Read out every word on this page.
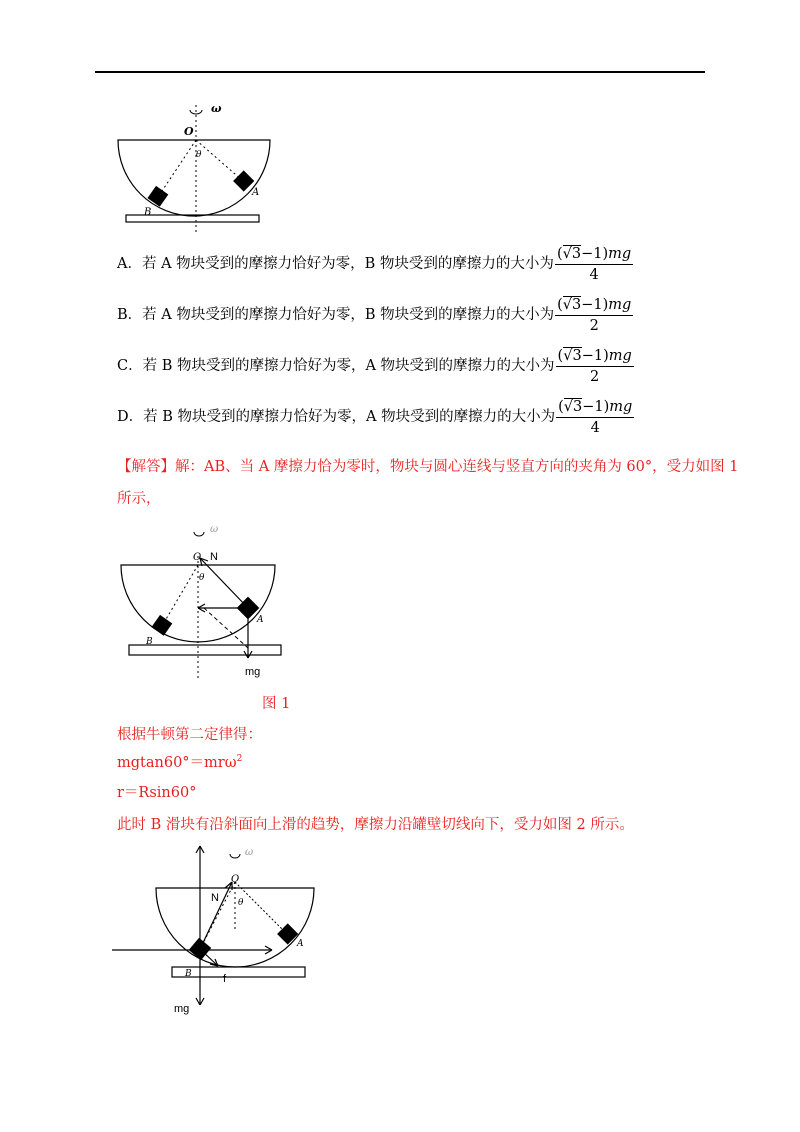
ω
O
θ
A
B
A．若 A 物块受到的摩擦力恰好为零，B 物块受到的摩擦力的大小为 $\frac{(√3-1)mg}{4}$
B．若 A 物块受到的摩擦力恰好为零，B 物块受到的摩擦力的大小为 $\frac{(√3-1)mg}{2}$
C．若 B 物块受到的摩擦力恰好为零，A 物块受到的摩擦力的大小为 $\frac{(√3-1)mg}{2}$
D．若 B 物块受到的摩擦力恰好为零，A 物块受到的摩擦力的大小为 $\frac{(√3-1)mg}{4}$
【解答】解：AB、当 A 摩擦力恰为零时，物块与圆心连线与竖直方向的夹角为 60°，受力如图 1
所示，
ω
O N
θ
A
B
mg
图 1
根据牛顿第二定律得：
mgtan60°＝mrω$^2$
r＝Rsin60°
此时 B 滑块有沿斜面向上滑的趋势，摩擦力沿罐壁切线向下，受力如图 2 所示。
ω
O
N θ
A
B	f
mg
